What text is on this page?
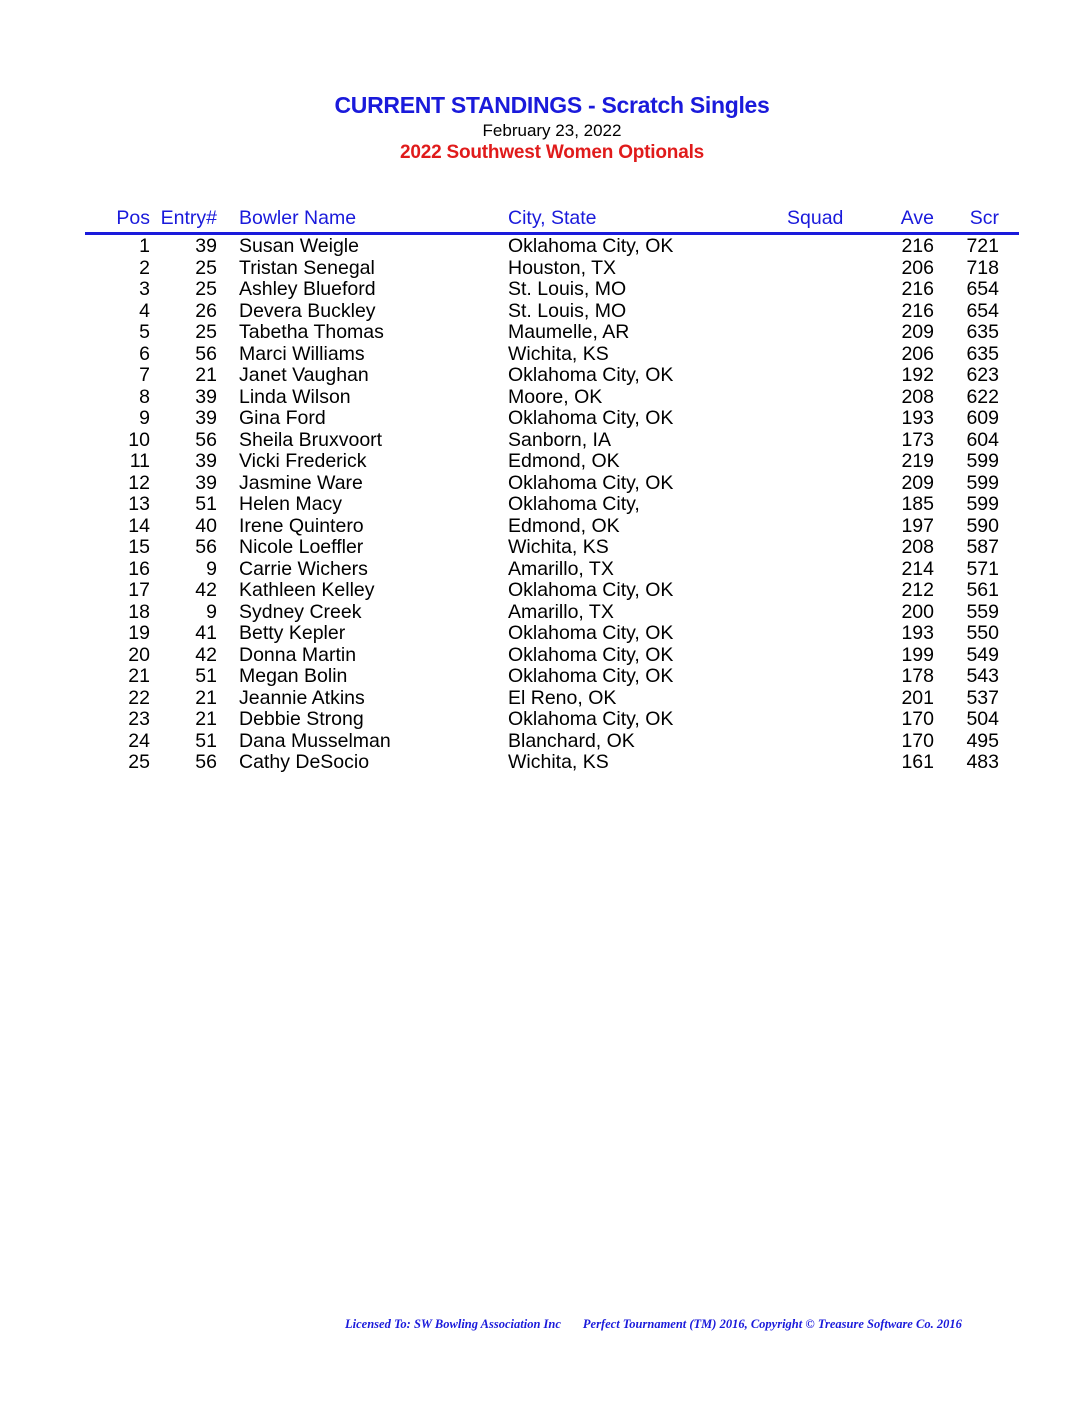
CURRENT STANDINGS - Scratch Singles
February 23, 2022
2022 Southwest Women Optionals
Pos Entry# Bowler Name	City, State	Squad	Ave Scr
1 39 Susan Weigle	Oklahoma City, OK	216 721
2 25 Tristan Senegal	Houston, TX	206 718
3 25 Ashley Blueford	St. Louis, MO	216 654
4 26 Devera Buckley	St. Louis, MO	216 654
5 25 Tabetha Thomas	Maumelle, AR	209 635
6 56 Marci Williams	Wichita, KS	206 635
7 21 Janet Vaughan	Oklahoma City, OK	192 623
8 39 Linda Wilson	Moore, OK	208 622
9 39 Gina Ford	Oklahoma City, OK	193 609
10 56 Sheila Bruxvoort	Sanborn, IA	173 604
11 39 Vicki Frederick	Edmond, OK	219 599
12 39 Jasmine Ware	Oklahoma City, OK	209 599
13 51 Helen Macy	Oklahoma City,	185 599
14 40 Irene Quintero	Edmond, OK	197 590
15 56 Nicole Loeffler	Wichita, KS	208 587
16	9 Carrie Wichers	Amarillo, TX	214 571
17 42 Kathleen Kelley	Oklahoma City, OK	212 561
18	9 Sydney Creek	Amarillo, TX	200 559
19 41 Betty Kepler	Oklahoma City, OK	193 550
20 42 Donna Martin	Oklahoma City, OK	199 549
21 51 Megan Bolin	Oklahoma City, OK	178 543
22 21 Jeannie Atkins	El Reno, OK	201 537
23 21 Debbie Strong	Oklahoma City, OK	170 504
24 51 Dana Musselman	Blanchard, OK	170 495
25 56 Cathy DeSocio	Wichita, KS	161 483
Licensed To: SW Bowling Association Inc Perfect Tournament (TM) 2016, Copyright © Treasure Software Co. 2016
